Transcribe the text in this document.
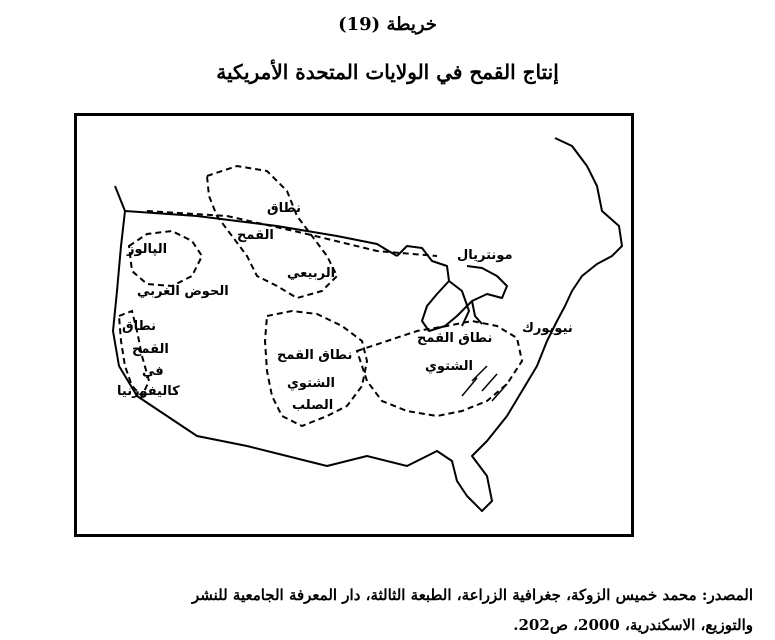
خريطة (19)
إنتاج القمح في الولايات المتحدة الأمريكية
نطاق
القمح
الربيعي
الپالوز
الحوض الغربي
نطاق
القمح
في
كاليفورنيا
نطاق القمح
الشتوي
الصلب
نطاق القمح
الشتوي
مونتريال
نيويورك
المصدر: محمد خميس الزوكة، جغرافية الزراعة، الطبعة الثالثة، دار المعرفة الجامعية للنشر
والتوزيع، الاسكندرية، 2000، ص202.
